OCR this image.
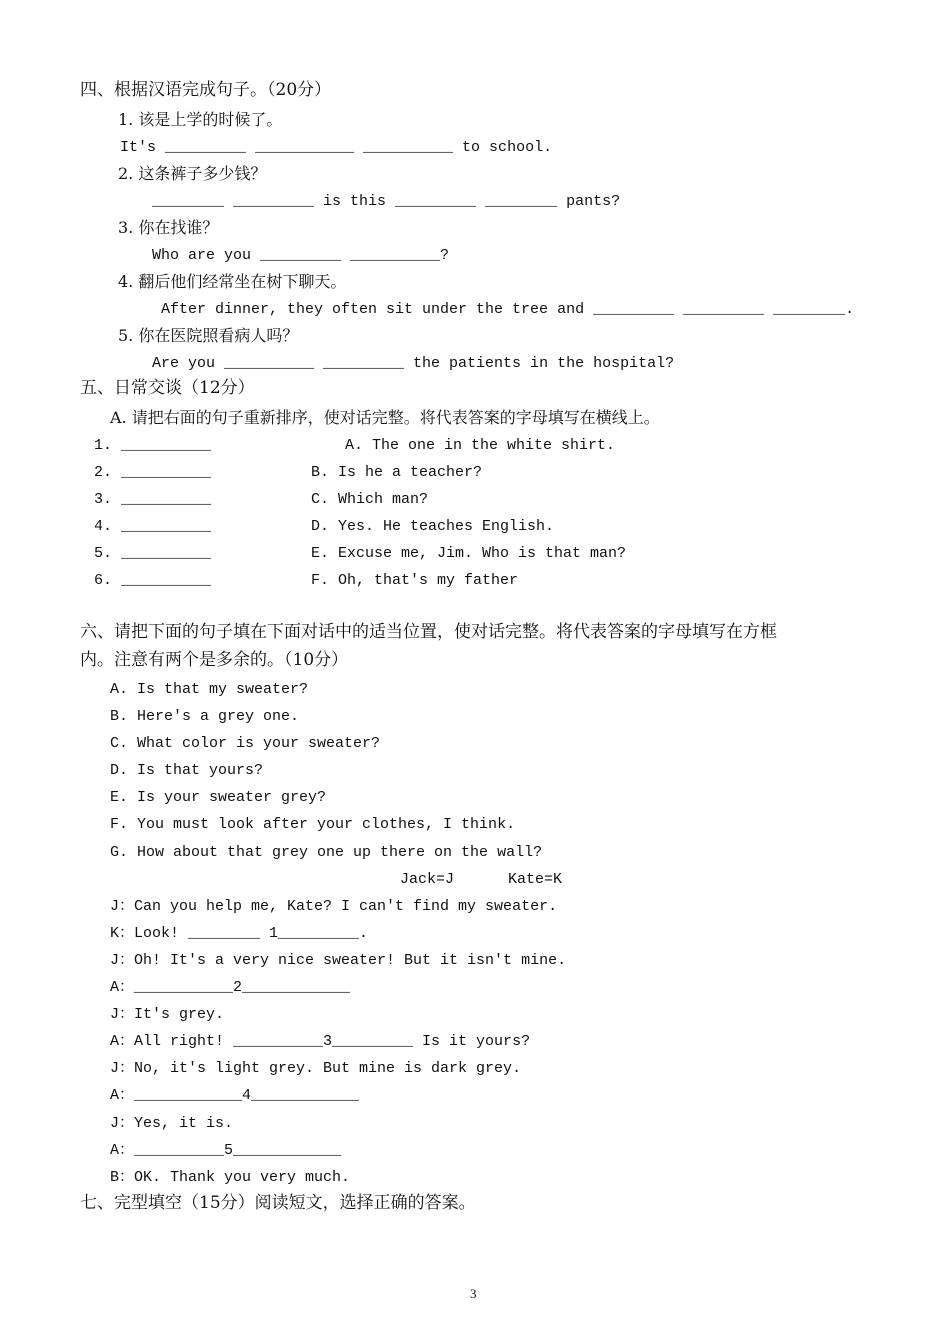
四、根据汉语完成句子。（20分）
1. 该是上学的时候了。
It's _________ ___________ __________ to school.
2. 这条裤子多少钱？
________ _________ is this _________ ________ pants?
3. 你在找谁？
Who are you _________ __________?
4. 翻后他们经常坐在树下聊天。
After dinner, they often sit under the tree and _________ _________ ________.
5. 你在医院照看病人吗？
Are you __________ _________ the patients in the hospital?
五、日常交谈（12分）
A. 请把右面的句子重新排序，使对话完整。将代表答案的字母填写在横线上。
1. __________
2. __________
3. __________
4. __________
5. __________
6. __________
A. The one in the white shirt.
B. Is he a teacher?
C. Which man?
D. Yes. He teaches English.
E. Excuse me, Jim. Who is that man?
F. Oh, that's my father
六、请把下面的句子填在下面对话中的适当位置，使对话完整。将代表答案的字母填写在方框
内。注意有两个是多余的。（10分）
A. Is that my sweater?
B. Here's a grey one.
C. What color is your sweater?
D. Is that yours?
E. Is your sweater grey?
F. You must look after your clothes, I think.
G. How about that grey one up there on the wall?
Jack=J      Kate=K
J：Can you help me, Kate? I can't find my sweater.
K：Look! ________ 1_________.
J：Oh! It's a very nice sweater! But it isn't mine.
A：___________2____________
J：It's grey.
A：All right! __________3_________ Is it yours?
J：No, it's light grey. But mine is dark grey.
A：____________4____________
J：Yes, it is.
A：__________5____________
B：OK. Thank you very much.
七、完型填空（15分）阅读短文，选择正确的答案。
3
